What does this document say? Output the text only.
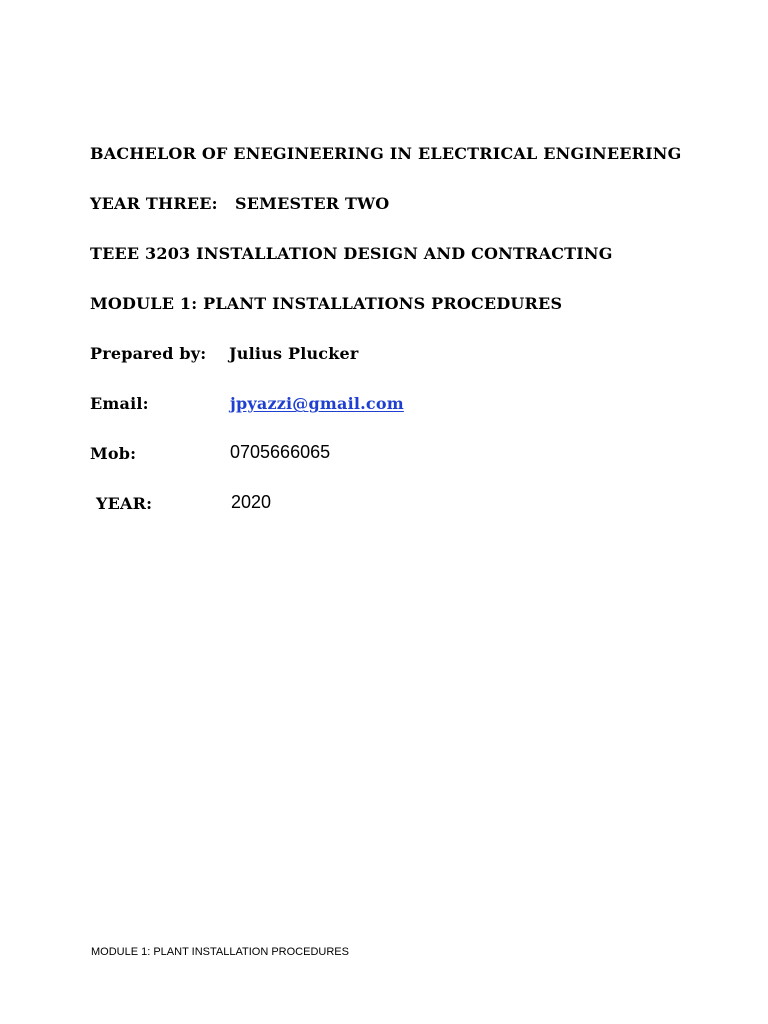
BACHELOR OF ENEGINEERING IN ELECTRICAL ENGINEERING
YEAR THREE:   SEMESTER TWO
TEEE 3203 INSTALLATION DESIGN AND CONTRACTING
MODULE 1: PLANT INSTALLATIONS PROCEDURES
Prepared by: Julius Plucker
Email:	jpyazzi@gmail.com
Mob:	0705666065
YEAR:	2020
MODULE 1: PLANT INSTALLATION PROCEDURES
